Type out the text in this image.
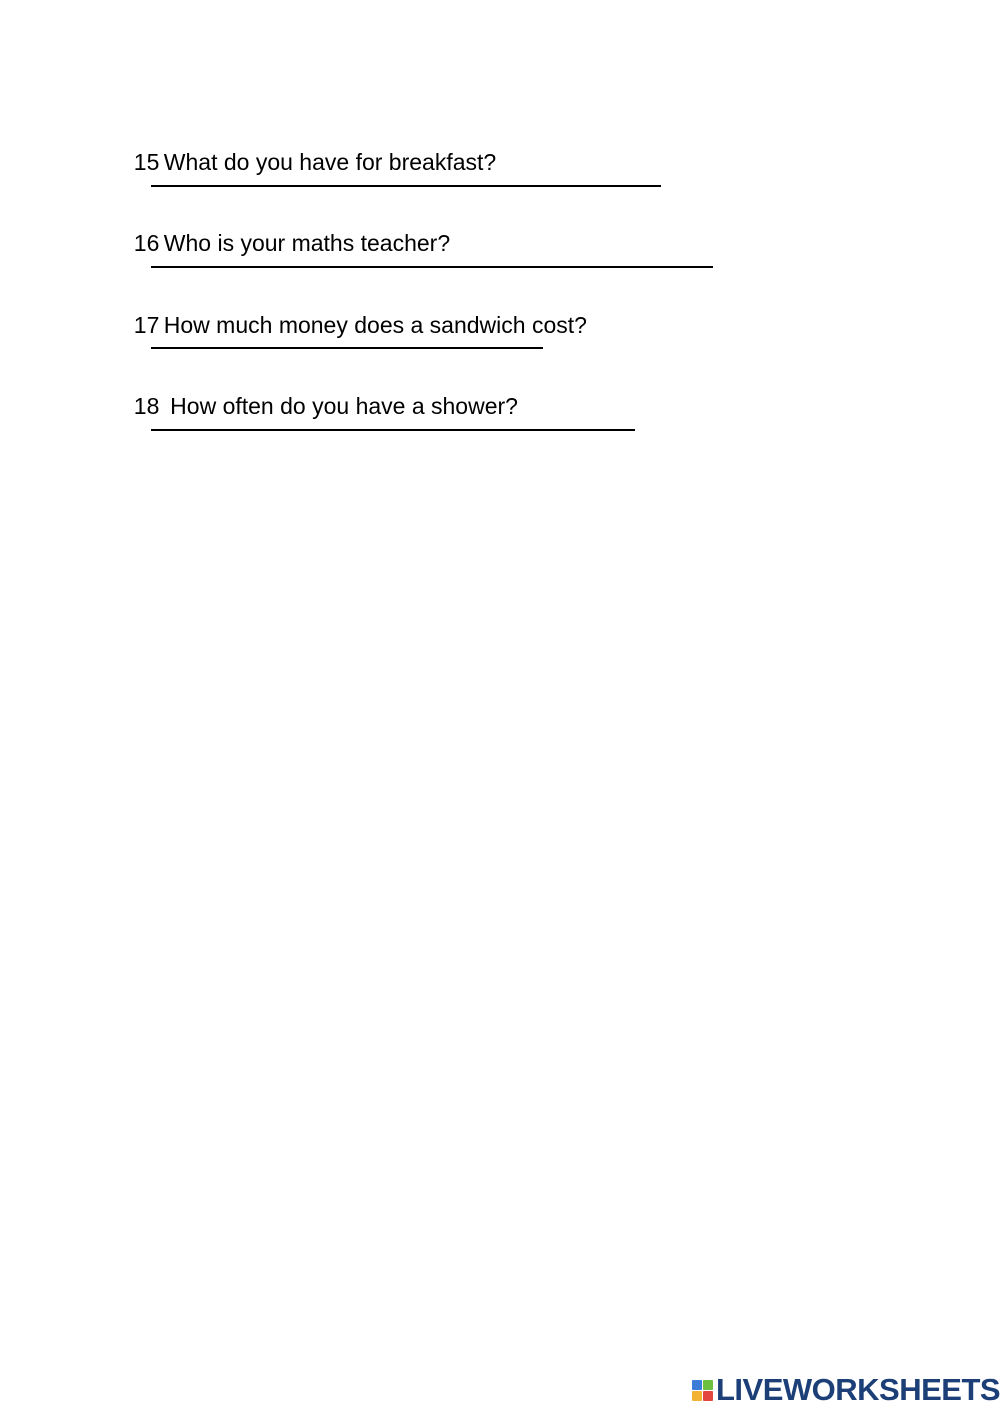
15 What do you have for breakfast?

16 Who is your maths teacher?

17 How much money does a sandwich cost?

18 How often do you have a shower?

LIVEWORKSHEETS
